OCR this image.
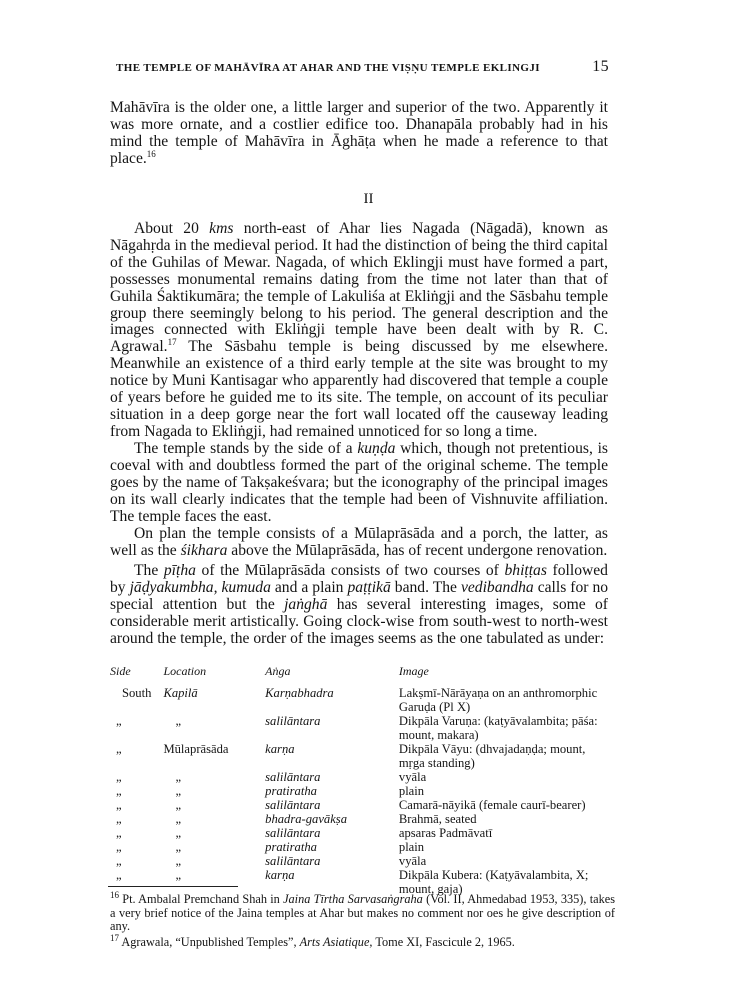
THE TEMPLE OF MAHĀVĪRA AT AHAR AND THE VIṢṆU TEMPLE EKLINGJI	15
Mahāvīra is the older one, a little larger and superior of the two. Apparently it was more ornate, and a costlier edifice too. Dhanapāla probably had in his mind the temple of Mahāvīra in Āghāṭa when he made a reference to that place.$^{16}$
II
About 20 kms north-east of Ahar lies Nagada (Nāgadā), known as Nāgahṛda in the medieval period. It had the distinction of being the third capital of the Guhilas of Mewar. Nagada, of which Eklingji must have formed a part, possesses monumental remains dating from the time not later than that of Guhila Śaktikumāra; the temple of Lakuliśa at Ekliṅgji and the Sāsbahu temple group there seemingly belong to his period. The general description and the images connected with Ekliṅgji temple have been dealt with by R. C. Agrawal.$^{17}$ The Sāsbahu temple is being discussed by me elsewhere. Meanwhile an existence of a third early temple at the site was brought to my notice by Muni Kantisagar who apparently had discovered that temple a couple of years before he guided me to its site. The temple, on account of its peculiar situation in a deep gorge near the fort wall located off the causeway leading from Nagada to Ekliṅgji, had remained unnoticed for so long a time.
The temple stands by the side of a kuṇḍa which, though not pretentious, is coeval with and doubtless formed the part of the original scheme. The temple goes by the name of Takṣakeśvara; but the iconography of the principal images on its wall clearly indicates that the temple had been of Vishnuvite affiliation. The temple faces the east.
On plan the temple consists of a Mūlaprāsāda and a porch, the latter, as well as the śikhara above the Mūlaprāsāda, has of recent undergone renovation.
The pīṭha of the Mūlaprāsāda consists of two courses of bhiṭṭas followed by jāḍyakumbha, kumuda and a plain paṭṭikā band. The vedibandha calls for no special attention but the jaṅghā has several interesting images, some of considerable merit artistically. Going clock-wise from south-west to north-west around the temple, the order of the images seems as the one tabulated as under:
Side	Location	Aṅga	Image
South	Kapilā	Karṇabhadra	Lakṣmī-Nārāyaṇa on an anthromorphic Garuḍa (Pl X)
„	„	salilāntara	Dikpāla Varuṇa: (kaṭyāvalambita; pāśa: mount, makara)
„	Mūlaprāsāda	karṇa	Dikpāla Vāyu: (dhvajadaṇḍa; mount, mṛga standing)
„	„	salilāntara	vyāla
„	„	pratiratha	plain
„	„	salilāntara	Camarā-nāyikā (female caurī-bearer)
„	„	bhadra-gavākṣa	Brahmā, seated
„	„	salilāntara	apsaras Padmāvatī
„	„	pratiratha	plain
„	„	salilāntara	vyāla
„	„	karṇa	Dikpāla Kubera: (Kaṭyāvalambita, X; mount, gaja)
$^{16}$ Pt. Ambalal Premchand Shah in Jaina Tīrtha Sarvasaṅgraha (Vol. II, Ahmedabad 1953, 335), takes a very brief notice of the Jaina temples at Ahar but makes no comment nor oes he give description of any.
$^{17}$ Agrawala, “Unpublished Temples”, Arts Asiatique, Tome XI, Fascicule 2, 1965.
